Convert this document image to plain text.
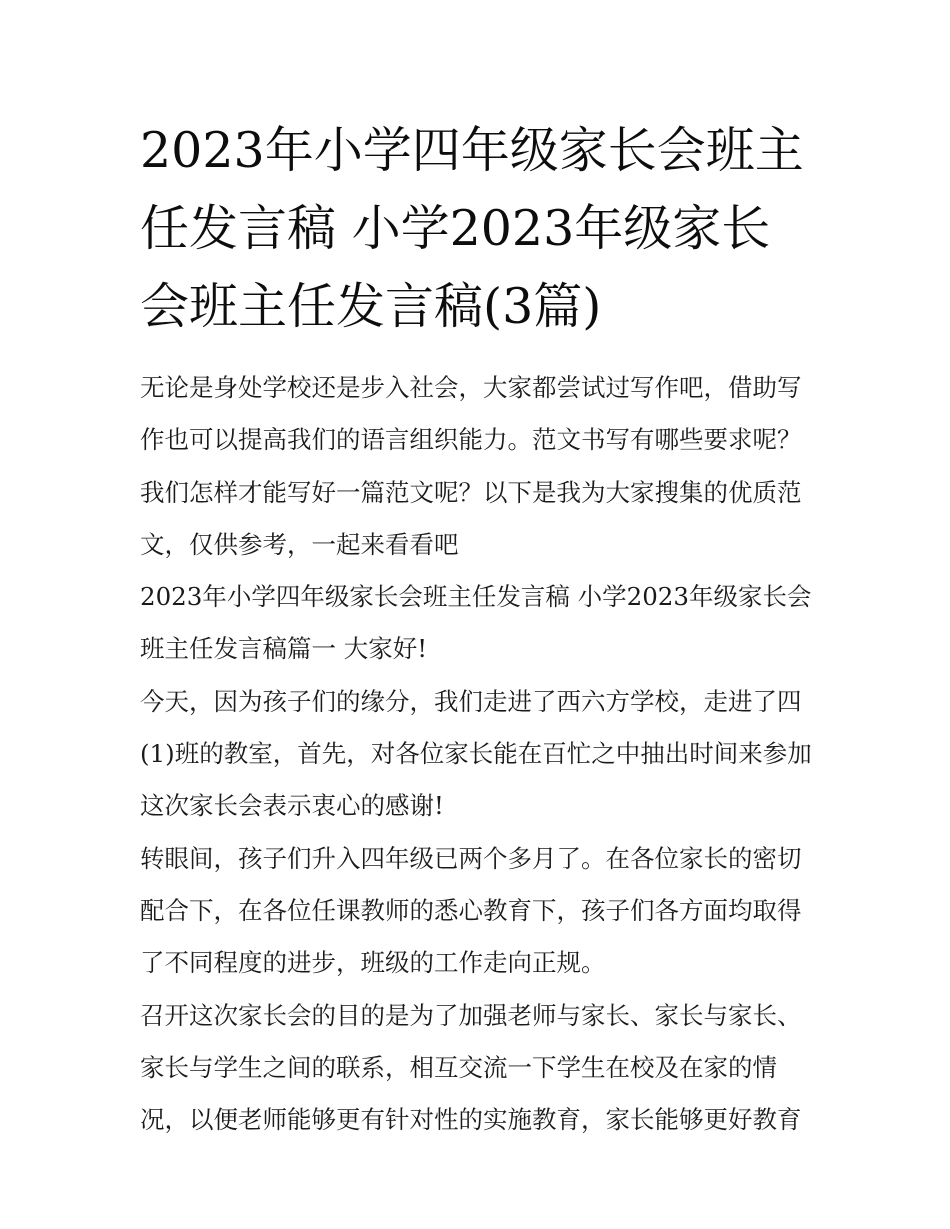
2023年小学四年级家长会班主任发言稿 小学2023年级家长会班主任发言稿(3篇)

无论是身处学校还是步入社会，大家都尝试过写作吧，借助写作也可以提高我们的语言组织能力。范文书写有哪些要求呢？我们怎样才能写好一篇范文呢？以下是我为大家搜集的优质范文，仅供参考，一起来看看吧

2023年小学四年级家长会班主任发言稿 小学2023年级家长会班主任发言稿篇一 大家好!

今天，因为孩子们的缘分，我们走进了西六方学校，走进了四(1)班的教室，首先，对各位家长能在百忙之中抽出时间来参加这次家长会表示衷心的感谢!

转眼间，孩子们升入四年级已两个多月了。在各位家长的密切配合下，在各位任课教师的悉心教育下，孩子们各方面均取得了不同程度的进步，班级的工作走向正规。

召开这次家长会的目的是为了加强老师与家长、家长与家长、家长与学生之间的联系，相互交流一下学生在校及在家的情况，以便老师能够更有针对性的实施教育，家长能够更好教育
